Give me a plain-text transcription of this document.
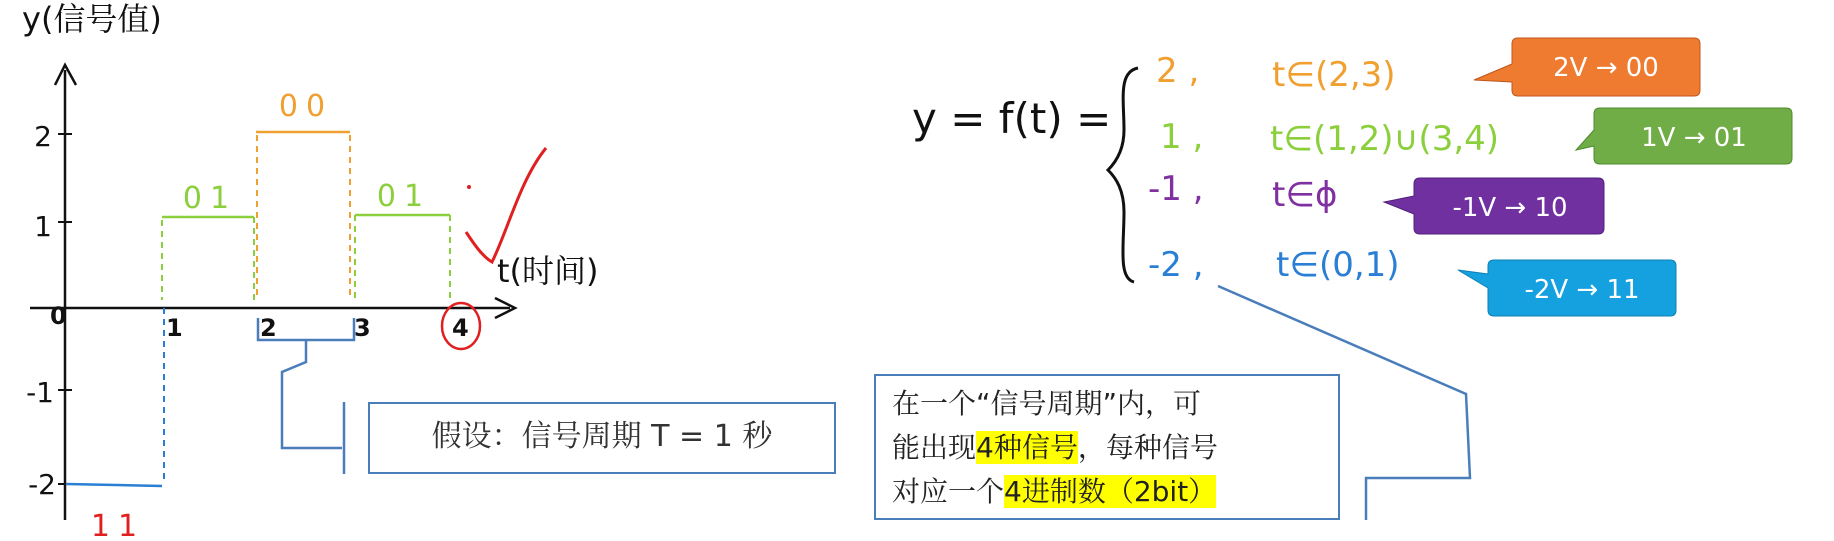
y(信号值)
t(时间)
2
1
-1
-2
0	1	2	3	4
11
01
00
01
y = f(t) =
2 , t∈(2,3)
1 , t∈(1,2)∪(3,4)
-1 , t∈ϕ
-2 , t∈(0,1)
2V → 00
1V → 01
-1V → 10
-2V → 11
假设：信号周期 T = 1 秒
在一个“信号周期”内，可
能出现4种信号，每种信号
对应一个4进制数（2bit）
